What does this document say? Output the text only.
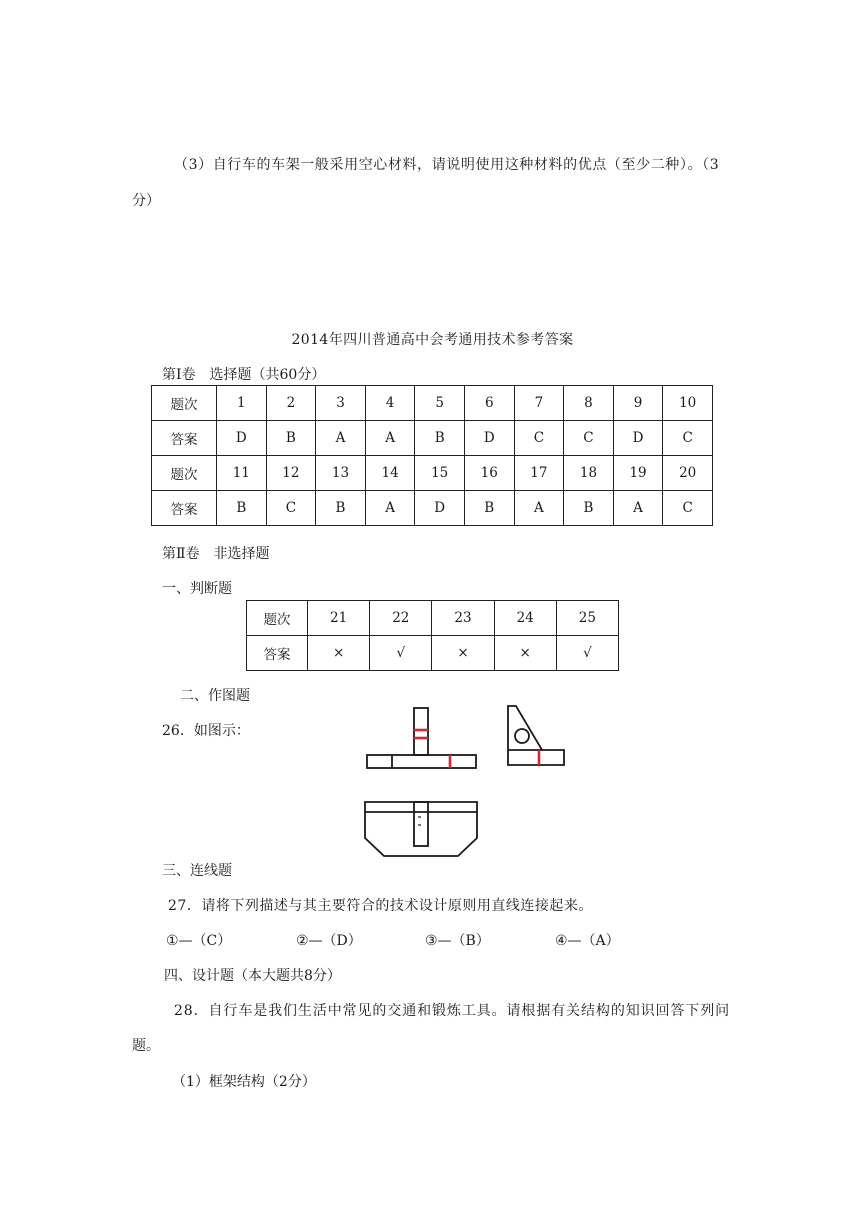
（3）自行车的车架一般采用空心材料，请说明使用这种材料的优点（至少二种）。（3
分）
2014年四川普通高中会考通用技术参考答案
第Ⅰ卷　选择题（共60分）
题次	1	2	3	4	5	6	7	8	9	10
答案	D	B	A	A	B	D	C	C	D	C
题次	11	12	13	14	15	16	17	18	19	20
答案	B	C	B	A	D	B	A	B	A	C
第Ⅱ卷　非选择题
一、判断题
题次	21	22	23	24	25
答案	×	√	×	×	√
二、作图题
26．如图示：
三、连线题
27．请将下列描述与其主要符合的技术设计原则用直线连接起来。
①—（C）	②—（D）	③—（B）	④—（A）
四、设计题（本大题共8分）
28．自行车是我们生活中常见的交通和锻炼工具。请根据有关结构的知识回答下列问
题。
（1）框架结构（2分）
